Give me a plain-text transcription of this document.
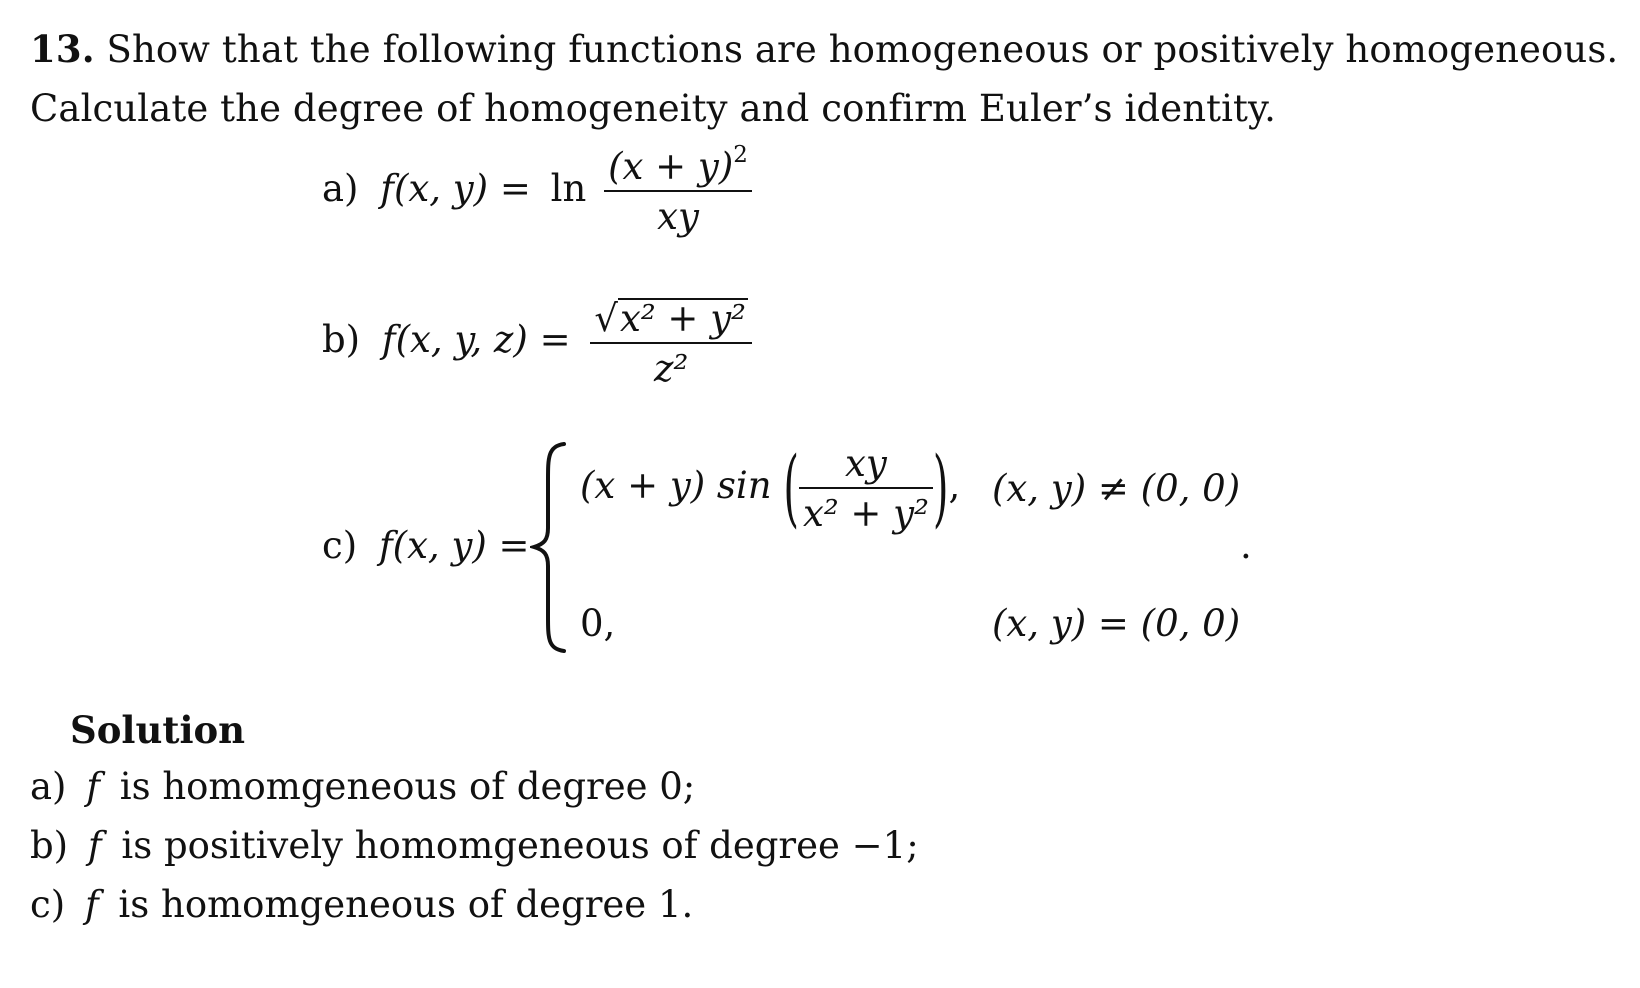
13. Show that the following functions are homogeneous or positively homogeneous. Calculate the degree of homogeneity and confirm Euler’s identity.
a) f(x, $y) = \ln \frac{(x + y)^2}{xy}$
b) f(x, y, $z) = \frac{\text{√x² + y²}}{\text{z²}}$
c) f(x, y) =
(x + y) sin ( $\frac{xy}{\text{x² + y²}}$ ), (x, y) ≠ (0, 0)
0,	(x, y) = (0, 0)
.
Solution
a) f is homomgeneous of degree 0;
b) f is positively homomgeneous of degree −1;
c) f is homomgeneous of degree 1.
